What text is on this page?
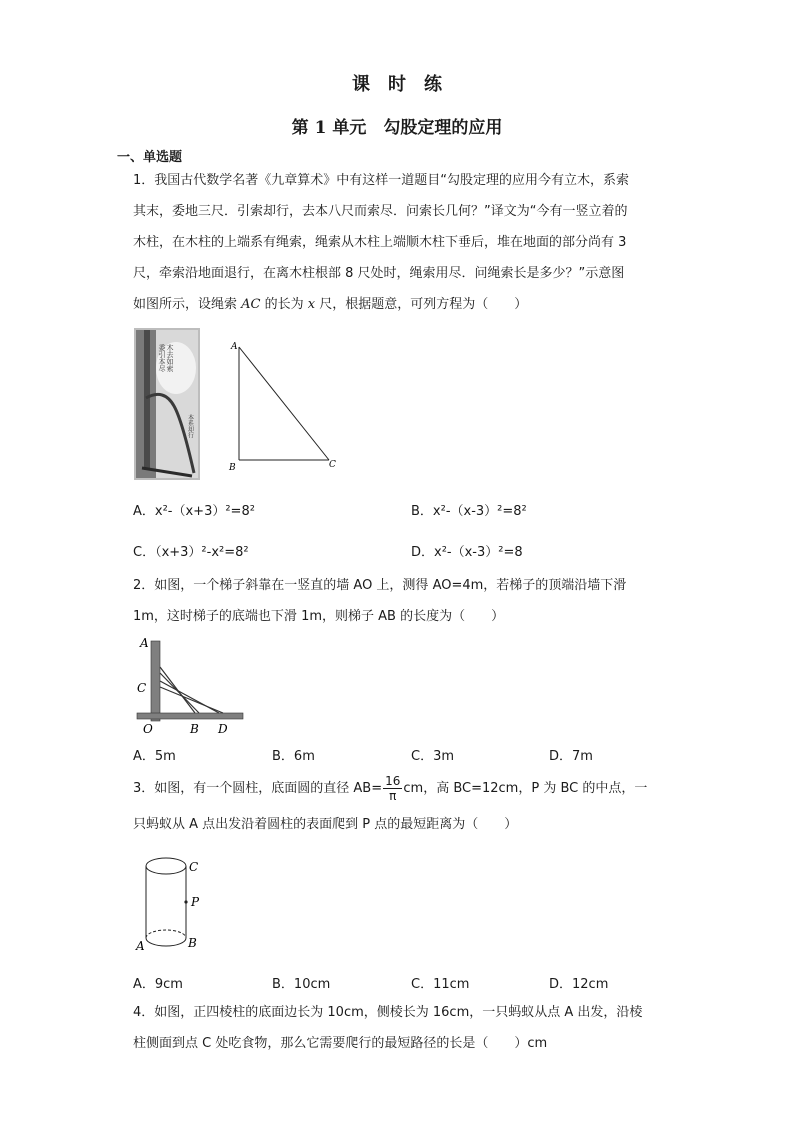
课　时　练
第 1 单元　勾股定理的应用
一、单选题
1．我国古代数学名著《九章算术》中有这样一道题目“勾股定理的应用今有立木，系索
其末，委地三尺．引索却行，去本八尺而索尽．问索长几何？”译文为“今有一竖立着的
木柱，在木柱的上端系有绳索，绳索从木柱上端顺木柱下垂后，堆在地面的部分尚有 3
尺，牵索沿地面退行，在离木柱根部 8 尺处时，绳索用尽．问绳索长是多少？”示意图
如图所示，设绳索 AC 的长为 x 尺，根据题意，可列方程为（　　）
木去如索
委引本尽
本系却行
A
B	C
A．x²-（x+3）²=8²	B．x²-（x-3）²=8²
C．（x+3）²-x²=8²	D．x²-（x-3）²=8
2．如图，一个梯子斜靠在一竖直的墙 AO 上，测得 AO=4m，若梯子的顶端沿墙下滑
1m，这时梯子的底端也下滑 1m，则梯子 AB 的长度为（　　）
A
C
O	B D
A．5m	B．6m	C．3m	D．7m
3．如图，有一个圆柱，底面圆的直径 $AB= \frac{16}{\pi}$ cm，高 BC=12cm，P 为 BC 的中点，一
只蚂蚁从 A 点出发沿着圆柱的表面爬到 P 点的最短距离为（　　）
C
P
A	B
A．9cm	B．10cm	C．11cm	D．12cm
4．如图，正四棱柱的底面边长为 10cm，侧棱长为 16cm，一只蚂蚁从点 A 出发，沿棱
柱侧面到点 C 处吃食物，那么它需要爬行的最短路径的长是（　　）cm
